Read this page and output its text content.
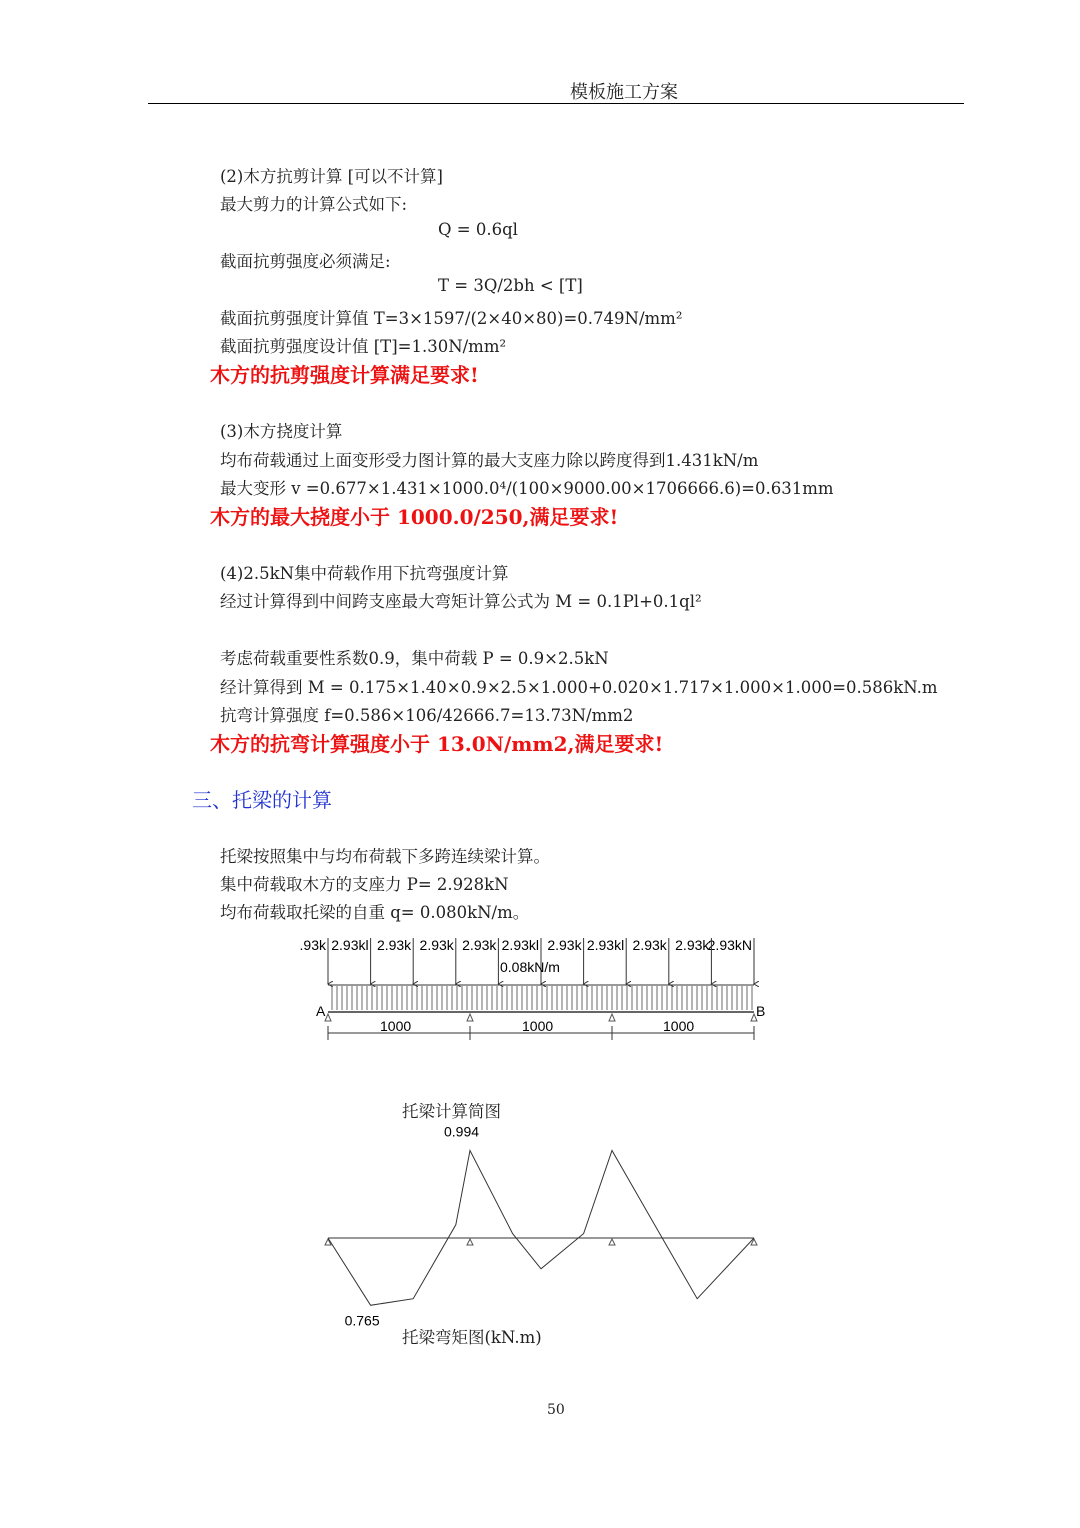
模板施工方案
(2)木方抗剪计算 [可以不计算]
最大剪力的计算公式如下:
Q = 0.6ql
截面抗剪强度必须满足:
T = 3Q/2bh < [T]
截面抗剪强度计算值 T=3×1597/(2×40×80)=0.749N/mm²
截面抗剪强度设计值 [T]=1.30N/mm²
木方的抗剪强度计算满足要求!
(3)木方挠度计算
均布荷载通过上面变形受力图计算的最大支座力除以跨度得到1.431kN/m
最大变形 v =0.677×1.431×1000.0⁴/(100×9000.00×1706666.6)=0.631mm
木方的最大挠度小于 1000.0/250,满足要求!
(4)2.5kN集中荷载作用下抗弯强度计算
经过计算得到中间跨支座最大弯矩计算公式为 M = 0.1Pl+0.1ql²
考虑荷载重要性系数0.9，集中荷载 P = 0.9×2.5kN
经计算得到 M = 0.175×1.40×0.9×2.5×1.000+0.020×1.717×1.000×1.000=0.586kN.m
抗弯计算强度 f=0.586×106/42666.7=13.73N/mm2
木方的抗弯计算强度小于 13.0N/mm2,满足要求!
三、托梁的计算
托梁按照集中与均布荷载下多跨连续梁计算。
集中荷载取木方的支座力 P= 2.928kN
均布荷载取托梁的自重 q= 0.080kN/m。
.93k 2.93kl 2.93k 2.93k 2.93k 2.93kl 2.93k 2.93kl 2.93k 2.93k
2.93kN
0.08kN/m
A	B
1000	1000	1000
托梁计算简图
0.994
0.765
托梁弯矩图(kN.m)
50
